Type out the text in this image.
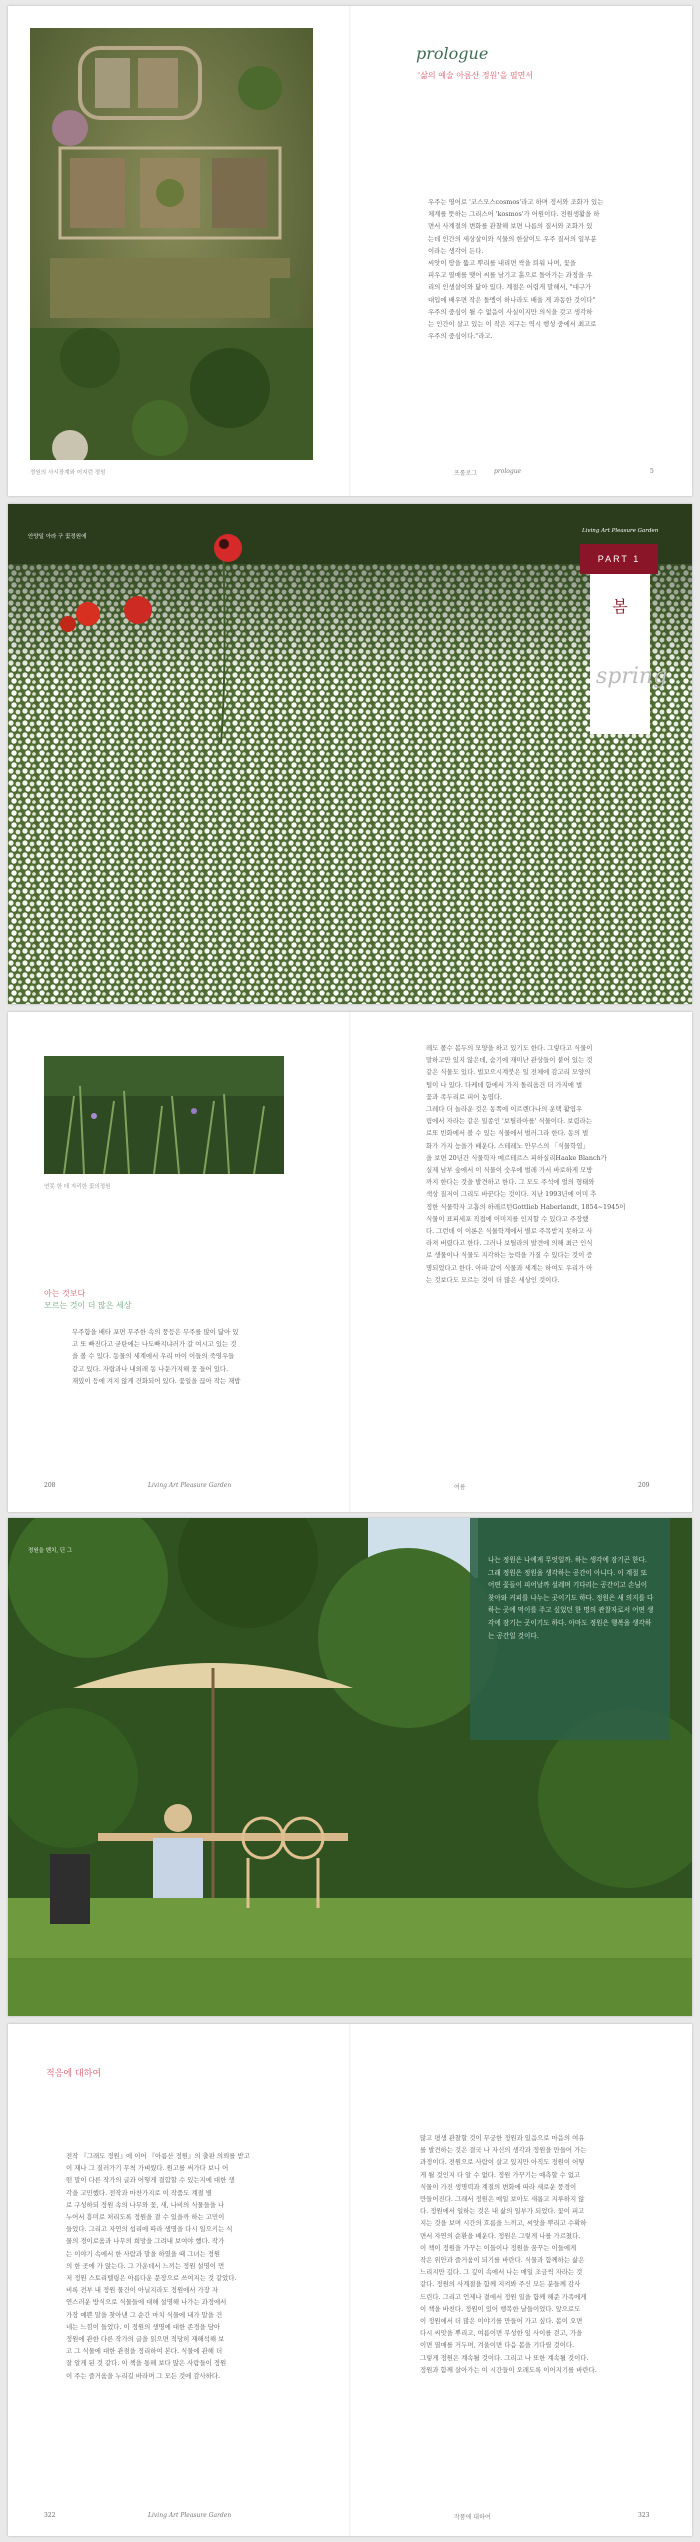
정원의 사시장계와 어지런 정원
prologue
'삶의 예술 아름산 정원'을 펼면서
우주는 영어로 '코스모스cosmos'라고 하며 정서와 조화가 있는
체계를 뜻하는 그리스어 'kosmos'가 어원이다. 전원생활을 하
면서 사계절의 변화를 관찰해 보면 나름의 질서와 조화가 있
는데 인간의 세상살이와 식물의 한살이도 우주 질서의 일부분
이라는 생각이 든다.
씨앗이 땅을 뚫고 뿌리를 내리면 싹을 틔워 나며, 꽃을
피우고 열매를 맺어 씨를 남기고 흙으로 돌아가는 과정을 우
리의 인생살이와 닮아 있다. 계절은 어렵게 말해서, "대구가
대입에 배우면 작은 돌멩이 하나라도 배울 게 과동한 것이다"
우주의 중심이 될 수 없음이 사실이지만 의식을 갖고 생각하
는 인간이 살고 있는 이 작은 지구는 역시 행성 중에서 최고로
우주의 중심이다."라고.
프롤로그	prologue	5
안양일 아라 구 꽃정원에
Living Art Pleasure Garden
PART 1
봄
spring
연못 한 데 자리한 꽃의정원
아는 것보다
모르는 것이 더 많은 세상
무주함을 배타 포면 무주한 속의 풍등은 무주를 많이 닮아 있
고 또 빠진다고 굳탄에는 나도빠지냐러가 갈 여시고 있는 것
을 볼 수 있다. 동물의 세계에서 우리 마이 이들의 죽영우들
같고 있다. 자랍과나 내외래 동 나둔가지해 꽃 들어 있다.
재밌이 등에 겨지 않게 건화되어 있다. 꽃일을 끊아 작는 재밥
레도 폴수 봄두의 모양을 하고 있기도 한다. 그렇다고 식물이
말하고만 있지 않은데, 숨기에 재미난 관상들이 붙어 있는 것
같은 식물도 있다. 벌꼬으시계붓은 일 전체에 감고리 모양의
털이 나 있다. 다케데 함에서 가지 돌리움건 더 가지에 벌
꽃과 족두리로 피어 농엽다.
그레다 더 놀라운 것은 동쪽에 이르렌다나의 운택 활엽우
림에서 자라는 같은 일종인 '보틸라아를' 식물이다. 보렴라는
로또 빈화에서 볼 수 있는 식물에서 벌러그라 한다. 동의 벌
화가 가지 능을가 배운다. 스테레노 안무스의 「식물학엽」
을 보면 20년간 식물학자 메르테르스 피하실리Haake Blanch가
실제 남부 숲에서 이 식물이 숫우에 벌레 가서 바로하게 모방
까지 한다는 것을 발견하고 한다. 그 모도 주석에 얼의 형태와
색상 질저이 그리도 바꾼다는 것이다. 지난 1993년에 이미 추
정한 식물학자 고흡의 하레르턴Gottlieb Haberlandt, 1854~1945이
식물이 표피세포 직접에 이미지를 인지할 수 있다고 주장했
다. 그런데 이 이론은 식물학계에서 별로 주목받지 못하고 사
라져 버렸다고 한다. 그러나 보틸라의 발견에 의해 최근 인식
로 생물이나 식물도 지각하는 능력을 가질 수 있다는 것이 증
명되었다고 한다. 아파 같이 식물과 세계는 하여도 우리가 아
는 것보다도 모르는 것이 더 많은 세상인 것이다.
208	Living Art Pleasure Garden	여름	209
정원을 벤치, 딘 그
나는 정원은 나에게 무엇일까. 하는 생각에 잠기곤 한다. 그래 정원은 정원을 생각하는 공간이 아니다. 이 계절 또 어떤 꽃들이 피어날까 설레며 기다리는 공간이고 손님이 찾아와 커피를 나누는 곳이기도 하다. 정원은 새 의지를 다하는 곳에 먹이를 주고 싶었던 한 명의 관찰자로서 어떤 생각에 잠기는 곳이기도 하다. 아마도 정원은 행복을 생각하는 공간일 것이다.
적응에 대하여
전작 『그래도 정원』에 이어 『아름산 정원』의 출판 의뢰를 받고
이 재나 그 질러가기 무척 가벼웠다. 원고를 써가다 보니 어
떤 말이 다른 작가의 글과 어떻게 결합할 수 있는지에 대한 생
각을 고민했다. 전작과 마찬가지로 이 작품도 계절 별
로 구성하되 정원 속의 나무와 꽃, 새, 나비의 식물들을 나
누어서 흥미로 처리도록 정원을 곁 수 있을까 하는 고민이
들었다. 그리고 자연의 섭리에 따라 생명을 다시 일으키는 식
물의 경이로움과 나무의 희망을 그려내 보여야 했다. 작가
는 이야기 속에서 한 사람과 말을 하였을 때 그녀는 정원
의 한 곳에 가 앉는다. 그 가운데서 느끼는 정원 설명이 먼
저 정원 스토리텔링은 아름다운 문장으로 쓰여지는 것 같았다.
비록 전부 내 정원 물건이 아닐지라도 정원에서 가장 자
연스러운 방식으로 식물들에 대해 설명해 나가는 과정에서
가장 예쁜 말을 찾아낸 그 순간 마치 식물에 내가 말을 건
네는 느낌이 들었다. 이 정원의 생명에 대한 존경을 담아
정원에 관한 다른 작가의 글을 읽으면 적당히 재해석해 보
고 그 식물에 대한 관점을 정리하여 본다. 식물에 관해 더
잘 알게 된 것 같다. 이 책을 통해 보다 많은 사람들이 정원
이 주는 즐거움을 누리길 바라며 그 모든 것에 감사하다.
많고 평생 관찰할 것이 무궁한 정원과 있음으로 마음의 여유
를 발견하는 것은 결국 나 자신의 생각과 정원을 만들어 가는
과정이다. 전원으로 사람이 살고 있지만 아직도 정원이 어떻
게 될 것인지 다 알 수 없다. 정원 가꾸기는 예측할 수 없고
식물이 가진 생명력과 계절의 변화에 따라 새로운 풍경이
만들어진다. 그래서 정원은 매일 보아도 새롭고 지루하지 않
다. 정원에서 일하는 것은 내 삶의 일부가 되었다. 꽃이 피고
지는 것을 보며 시간의 흐름을 느끼고, 씨앗을 뿌리고 수확하
면서 자연의 순환을 배운다. 정원은 그렇게 나를 가르쳤다.
이 책이 정원을 가꾸는 이들이나 정원을 꿈꾸는 이들에게
작은 위안과 즐거움이 되기를 바란다. 식물과 함께하는 삶은
느리지만 깊다. 그 깊이 속에서 나는 매일 조금씩 자라는 것
같다. 정원의 사계절을 함께 지켜봐 주신 모든 분들께 감사
드린다. 그리고 언제나 곁에서 정원 일을 함께 해준 가족에게
이 책을 바친다. 정원이 있어 행복한 날들이었다. 앞으로도
이 정원에서 더 많은 이야기를 만들어 가고 싶다. 봄이 오면
다시 씨앗을 뿌리고, 여름이면 무성한 잎 사이를 걷고, 가을
이면 열매를 거두며, 겨울이면 다음 봄을 기다릴 것이다.
그렇게 정원은 계속될 것이다. 그리고 나 또한 계속될 것이다.
정원과 함께 살아가는 이 시간들이 오래도록 이어지기를 바란다.
322	Living Art Pleasure Garden	작품에 대하여	323
